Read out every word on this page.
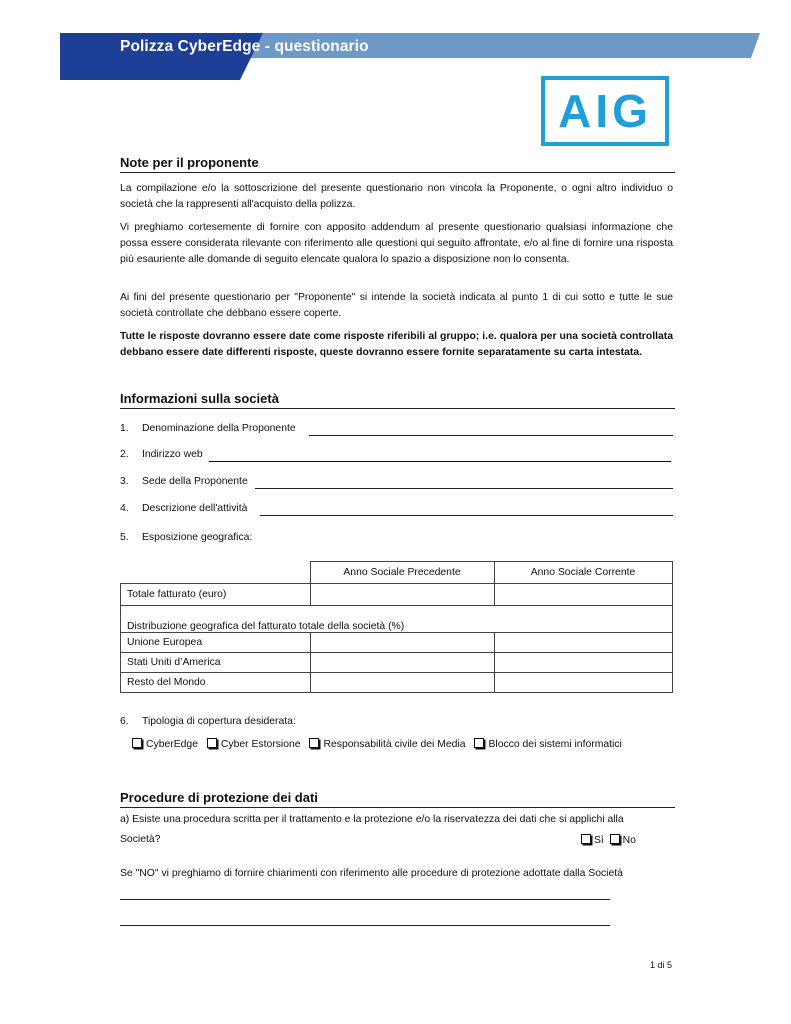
Polizza CyberEdge - questionario
AIG
Note per il proponente
La compilazione e/o la sottoscrizione del presente questionario non vincola la Proponente, o ogni altro individuo o società che la rappresenti all'acquisto della polizza.
Vi preghiamo cortesemente di fornire con apposito addendum al presente questionario qualsiasi informazione che possa essere considerata rilevante con riferimento alle questioni qui seguito affrontate, e/o al fine di fornire una risposta più esauriente alle domande di seguito elencate qualora lo spazio a disposizione non lo consenta.
Ai fini del presente questionario per "Proponente" si intende la società indicata al punto 1 di cui sotto e tutte le sue società controllate che debbano essere coperte.
Tutte le risposte dovranno essere date come risposte riferibili al gruppo; i.e. qualora per una società controllata debbano essere date differenti risposte, queste dovranno essere fornite separatamente su carta intestata.
Informazioni sulla società
1. Denominazione della Proponente
2. Indirizzo web
3. Sede della Proponente
4. Descrizione dell'attività
5. Esposizione geografica:
	Anno Sociale Precedente	Anno Sociale Corrente
Totale fatturato (euro)		
Distribuzione geografica del fatturato totale della società (%)		
Unione Europea		
Stati Uniti d’America		
Resto del Mondo		
6. Tipologia di copertura desiderata:
CyberEdge Cyber Estorsione Responsabilità civile dei Media Blocco dei sistemi informatici
Procedure di protezione dei dati
a) Esiste una procedura scritta per il trattamento e la protezione e/o la riservatezza dei dati che si applichi alla
Società?	Sì No
Se "NO" vi preghiamo di fornire chiarimenti con riferimento alle procedure di protezione adottate dalla Società
1 di 5
